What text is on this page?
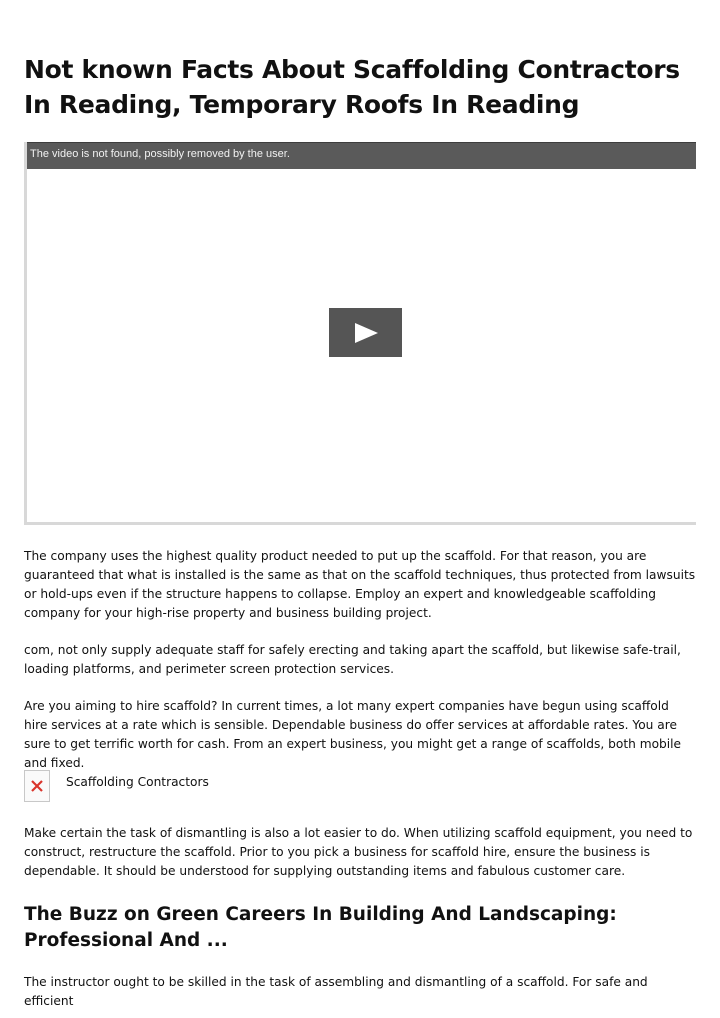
Not known Facts About Scaffolding Contractors In Reading, Temporary Roofs In Reading
The video is not found, possibly removed by the user.

The company uses the highest quality product needed to put up the scaffold. For that reason, you are guaranteed that what is installed is the same as that on the scaffold techniques, thus protected from lawsuits or hold-ups even if the structure happens to collapse. Employ an expert and knowledgeable scaffolding company for your high-rise property and business building project.

com, not only supply adequate staff for safely erecting and taking apart the scaffold, but likewise safe-trail, loading platforms, and perimeter screen protection services.

Are you aiming to hire scaffold? In current times, a lot many expert companies have begun using scaffold hire services at a rate which is sensible. Dependable business do offer services at affordable rates. You are sure to get terrific worth for cash. From an expert business, you might get a range of scaffolds, both mobile and fixed.

Scaffolding Contractors

Make certain the task of dismantling is also a lot easier to do. When utilizing scaffold equipment, you need to construct, restructure the scaffold. Prior to you pick a business for scaffold hire, ensure the business is dependable. It should be understood for supplying outstanding items and fabulous customer care.

The Buzz on Green Careers In Building And Landscaping: Professional And ...

The instructor ought to be skilled in the task of assembling and dismantling of a scaffold. For safe and efficient
